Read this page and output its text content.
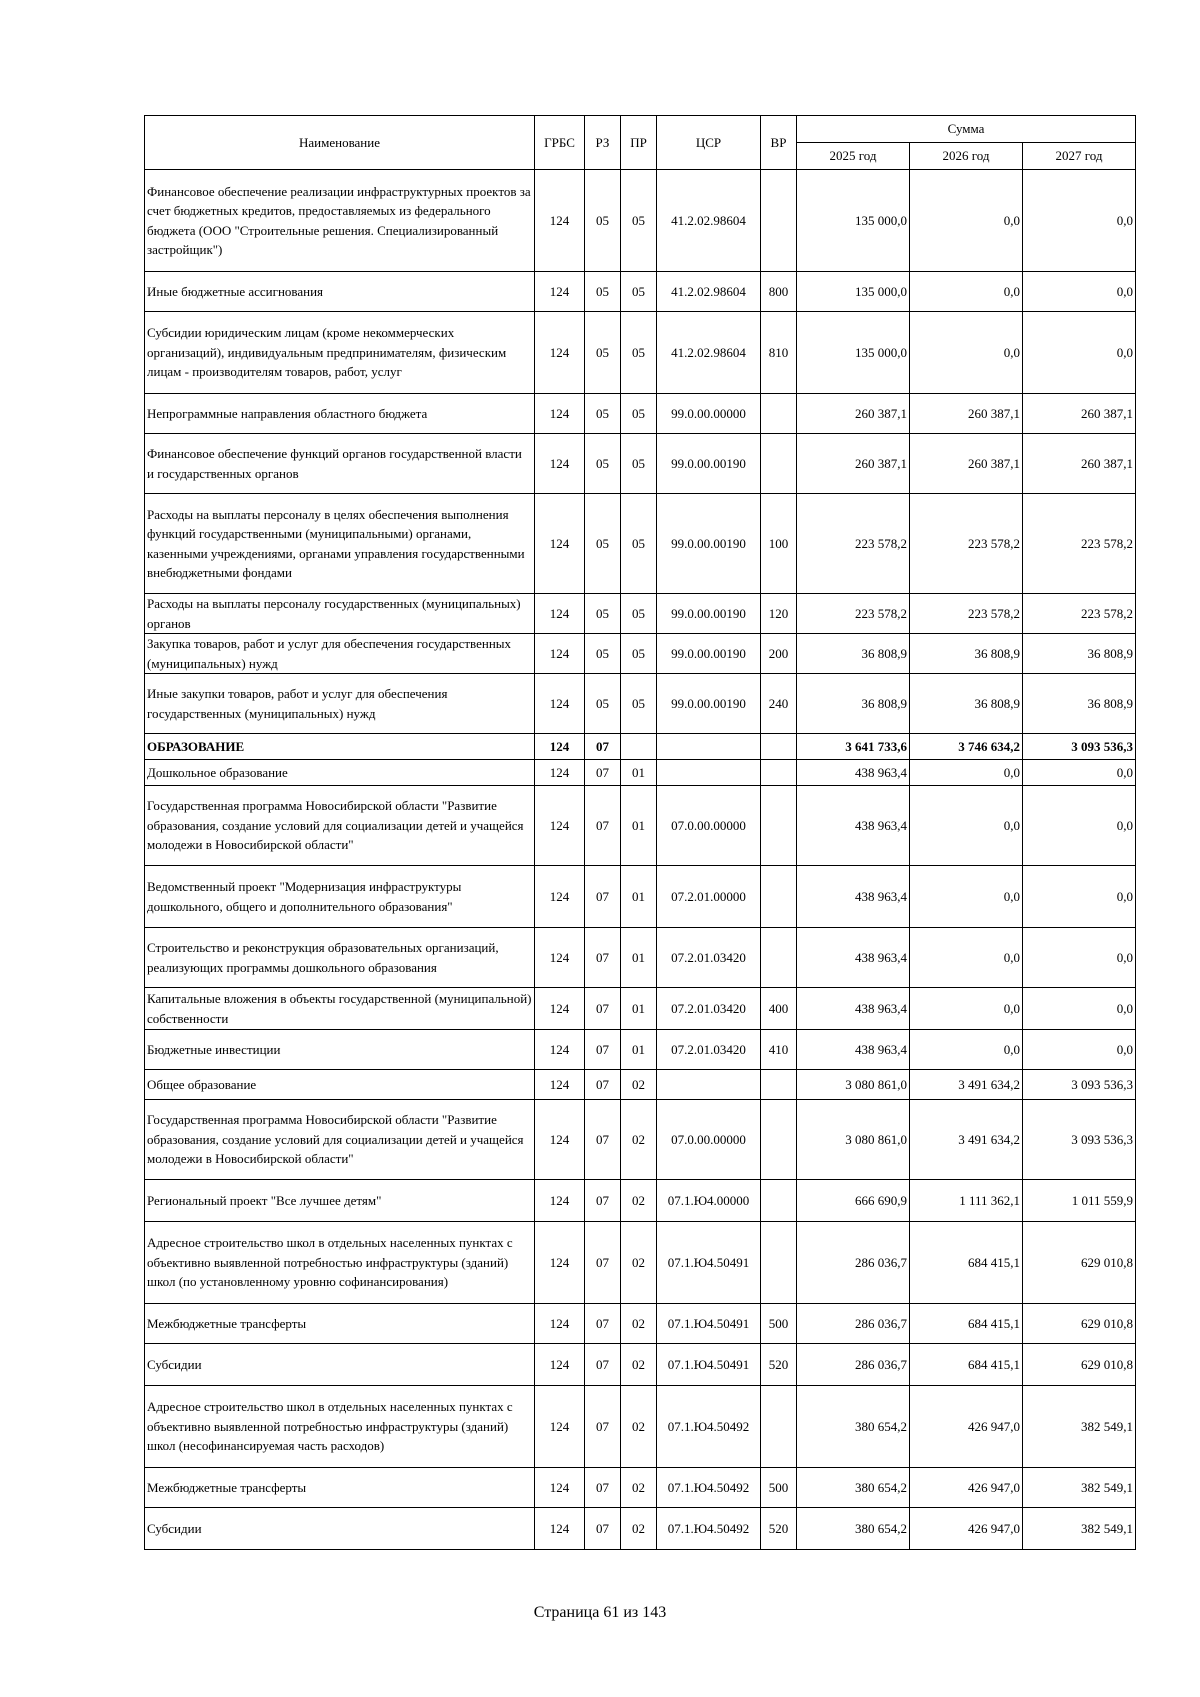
Наименование	ГРБС	РЗ	ПР	ЦСР	ВР	Сумма		
						2025 год	2026 год	2027 год
Финансовое обеспечение реализации инфраструктурных проектов за счет бюджетных кредитов, предоставляемых из федерального бюджета (ООО "Строительные решения. Специализированный застройщик")	124	05	05	41.2.02.98604		135 000,0	0,0	0,0
Иные бюджетные ассигнования	124	05	05	41.2.02.98604	800	135 000,0	0,0	0,0
Субсидии юридическим лицам (кроме некоммерческих организаций), индивидуальным предпринимателям, физическим лицам - производителям товаров, работ, услуг	124	05	05	41.2.02.98604	810	135 000,0	0,0	0,0
Непрограммные направления областного бюджета	124	05	05	99.0.00.00000		260 387,1	260 387,1	260 387,1
Финансовое обеспечение функций органов государственной власти и государственных органов	124	05	05	99.0.00.00190		260 387,1	260 387,1	260 387,1
Расходы на выплаты персоналу в целях обеспечения выполнения функций государственными (муниципальными) органами, казенными учреждениями, органами управления государственными внебюджетными фондами	124	05	05	99.0.00.00190	100	223 578,2	223 578,2	223 578,2
Расходы на выплаты персоналу государственных (муниципальных) органов	124	05	05	99.0.00.00190	120	223 578,2	223 578,2	223 578,2
Закупка товаров, работ и услуг для обеспечения государственных (муниципальных) нужд	124	05	05	99.0.00.00190	200	36 808,9	36 808,9	36 808,9
Иные закупки товаров, работ и услуг для обеспечения государственных (муниципальных) нужд	124	05	05	99.0.00.00190	240	36 808,9	36 808,9	36 808,9
ОБРАЗОВАНИЕ	124	07				3 641 733,6	3 746 634,2	3 093 536,3
Дошкольное образование	124	07	01			438 963,4	0,0	0,0
Государственная программа Новосибирской области "Развитие образования, создание условий для социализации детей и учащейся молодежи в Новосибирской области"	124	07	01	07.0.00.00000		438 963,4	0,0	0,0
Ведомственный проект "Модернизация инфраструктуры дошкольного, общего и дополнительного образования"	124	07	01	07.2.01.00000		438 963,4	0,0	0,0
Строительство и реконструкция образовательных организаций, реализующих программы дошкольного образования	124	07	01	07.2.01.03420		438 963,4	0,0	0,0
Капитальные вложения в объекты государственной (муниципальной) собственности	124	07	01	07.2.01.03420	400	438 963,4	0,0	0,0
Бюджетные инвестиции	124	07	01	07.2.01.03420	410	438 963,4	0,0	0,0
Общее образование	124	07	02			3 080 861,0	3 491 634,2	3 093 536,3
Государственная программа Новосибирской области "Развитие образования, создание условий для социализации детей и учащейся молодежи в Новосибирской области"	124	07	02	07.0.00.00000		3 080 861,0	3 491 634,2	3 093 536,3
Региональный проект "Все лучшее детям"	124	07	02	07.1.Ю4.00000		666 690,9	1 111 362,1	1 011 559,9
Адресное строительство школ в отдельных населенных пунктах с объективно выявленной потребностью инфраструктуры (зданий) школ (по установленному уровню софинансирования)	124	07	02	07.1.Ю4.50491		286 036,7	684 415,1	629 010,8
Межбюджетные трансферты	124	07	02	07.1.Ю4.50491	500	286 036,7	684 415,1	629 010,8
Субсидии	124	07	02	07.1.Ю4.50491	520	286 036,7	684 415,1	629 010,8
Адресное строительство школ в отдельных населенных пунктах с объективно выявленной потребностью инфраструктуры (зданий) школ (несофинансируемая часть расходов)	124	07	02	07.1.Ю4.50492		380 654,2	426 947,0	382 549,1
Межбюджетные трансферты	124	07	02	07.1.Ю4.50492	500	380 654,2	426 947,0	382 549,1
Субсидии	124	07	02	07.1.Ю4.50492	520	380 654,2	426 947,0	382 549,1
Страница 61 из 143
